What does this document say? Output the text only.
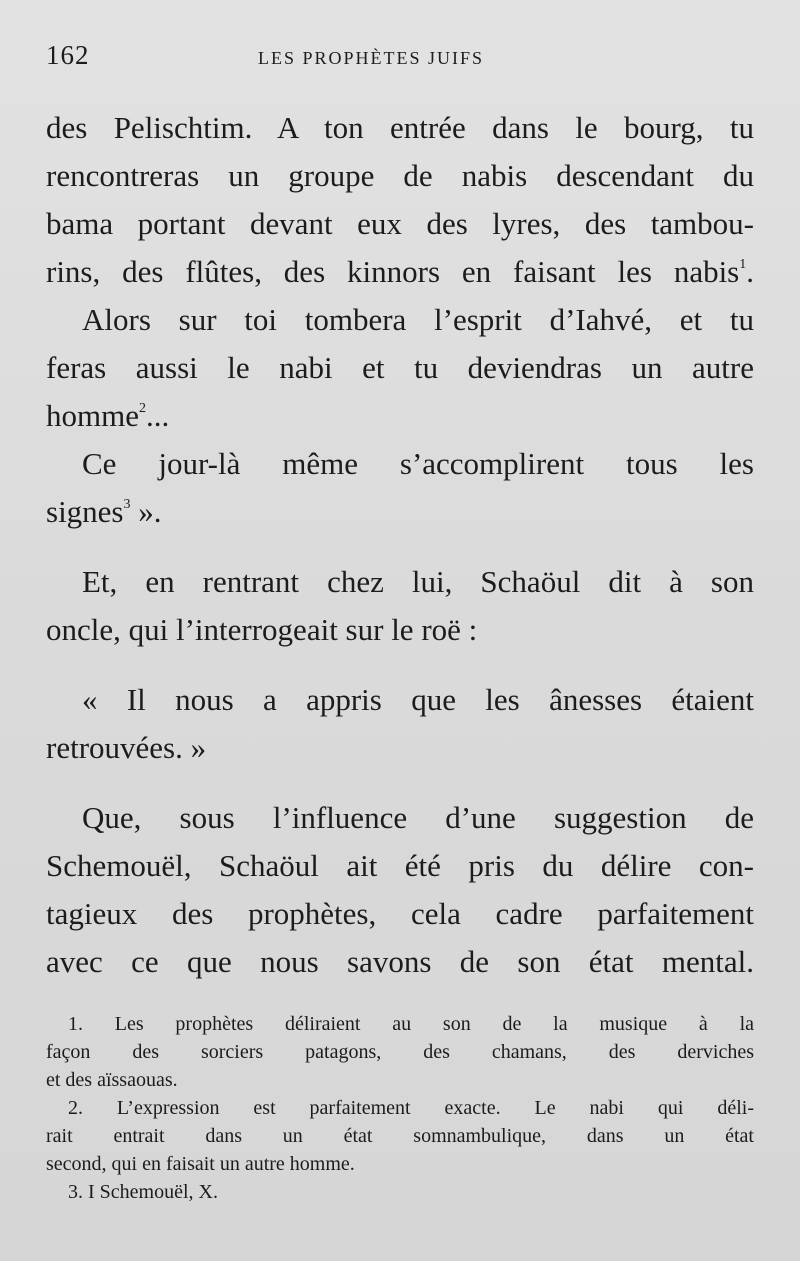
162	LES PROPHÈTES JUIFS
des Pelischtim. A ton entrée dans le bourg, tu
rencontreras un groupe de nabis descendant du
bama portant devant eux des lyres, des tambou-
rins, des flûtes, des kinnors en faisant les nabis$^1$.
Alors sur toi tombera l’esprit d’Iahvé, et tu
feras aussi le nabi et tu deviendras un autre
homme$^2$...
Ce jour-là même s’accomplirent tous les
signes$^3$ ».
Et, en rentrant chez lui, Schaöul dit à son
oncle, qui l’interrogeait sur le roë :
« Il nous a appris que les ânesses étaient
retrouvées. »
Que, sous l’influence d’une suggestion de
Schemouël, Schaöul ait été pris du délire con-
tagieux des prophètes, cela cadre parfaitement
avec ce que nous savons de son état mental.
1. Les prophètes déliraient au son de la musique à la
façon des sorciers patagons, des chamans, des derviches
et des aïssaouas.
2. L’expression est parfaitement exacte. Le nabi qui déli-
rait entrait dans un état somnambulique, dans un état
second, qui en faisait un autre homme.
3. I Schemouël, X.
